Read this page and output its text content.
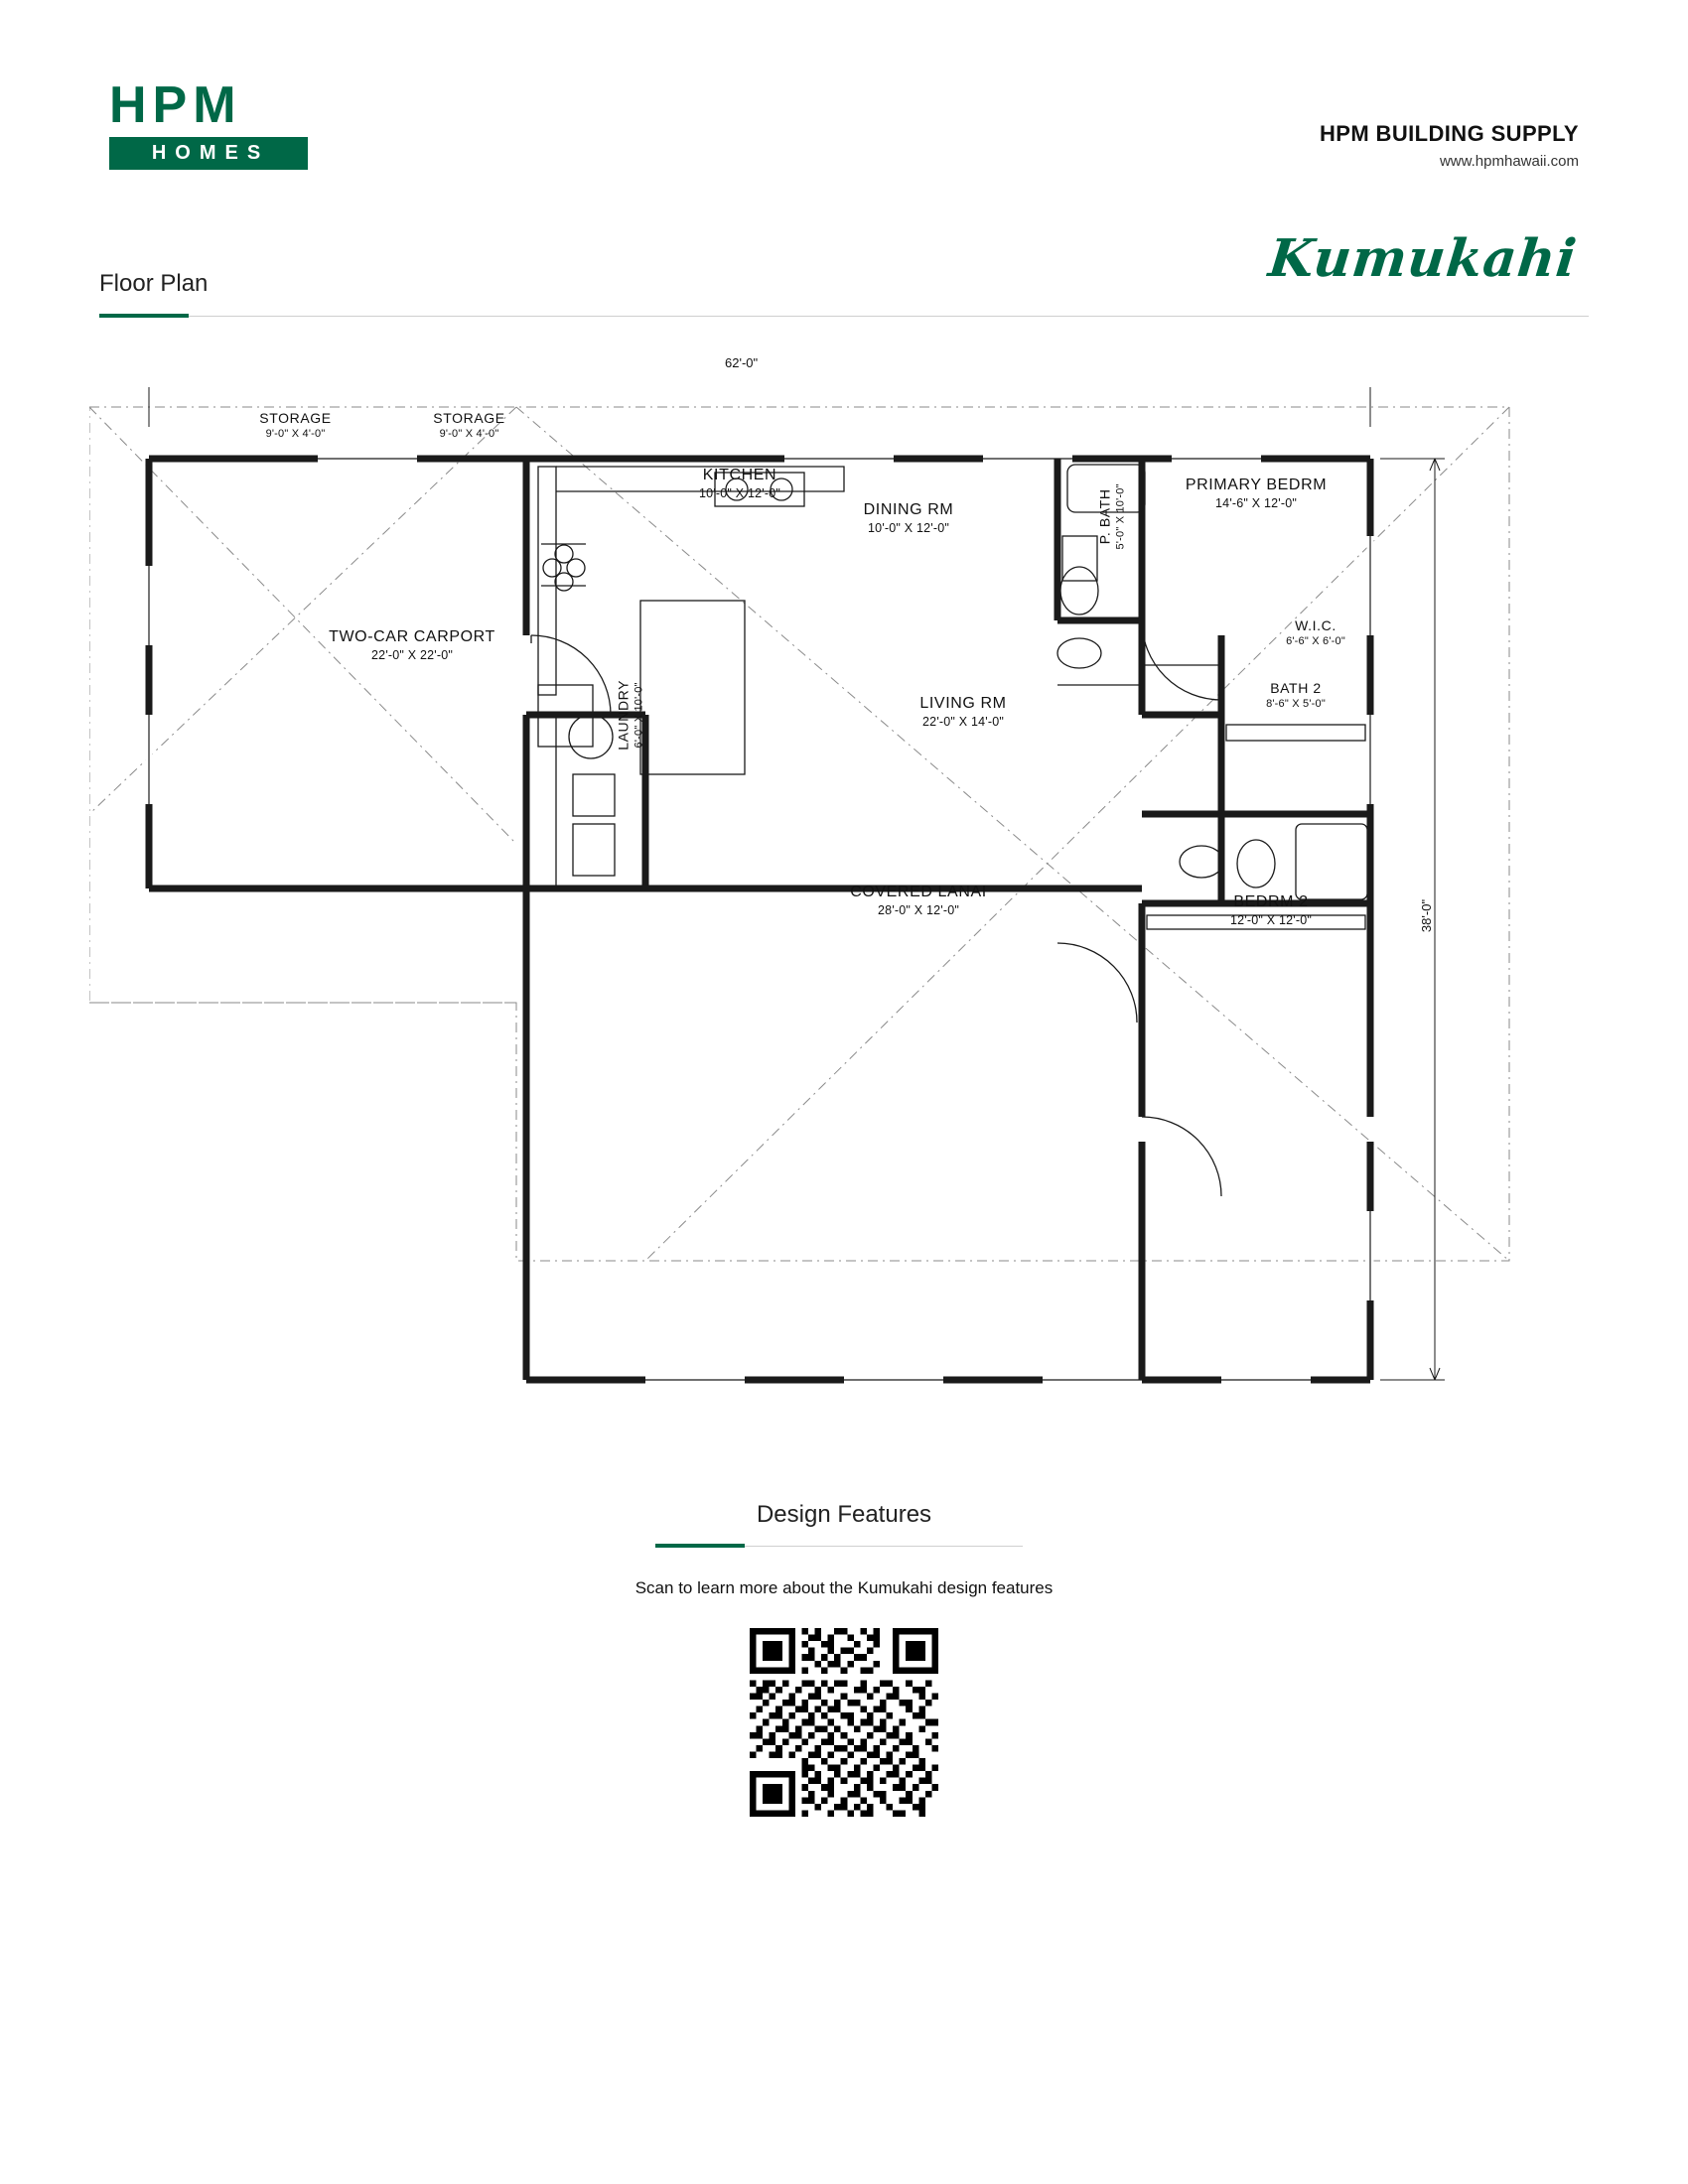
HPM
HOMES
HPM BUILDING SUPPLY
www.hpmhawaii.com
Kumukahi
Floor Plan
62'-0"
38'-0"
STORAGE
9'-0" X 4'-0"
STORAGE
9'-0" X 4'-0"
KITCHEN
10'-0" X 12'-0"
DINING RM
10'-0" X 12'-0"
PRIMARY BEDRM
14'-6" X 12'-0"
TWO-CAR CARPORT
22'-0" X 22'-0"
W.I.C.
6'-6" X 6'-0"
LIVING RM
22'-0" X 14'-0"
BATH 2
8'-6" X 5'-0"
COVERED LANAI
28'-0" X 12'-0"
BEDRM 2
12'-0" X 12'-0"
P. BATH 5'-0" X 10'-0"
LAUNDRY 6'-0" X 10'-0"
Design Features
Scan to learn more about the Kumukahi design features
